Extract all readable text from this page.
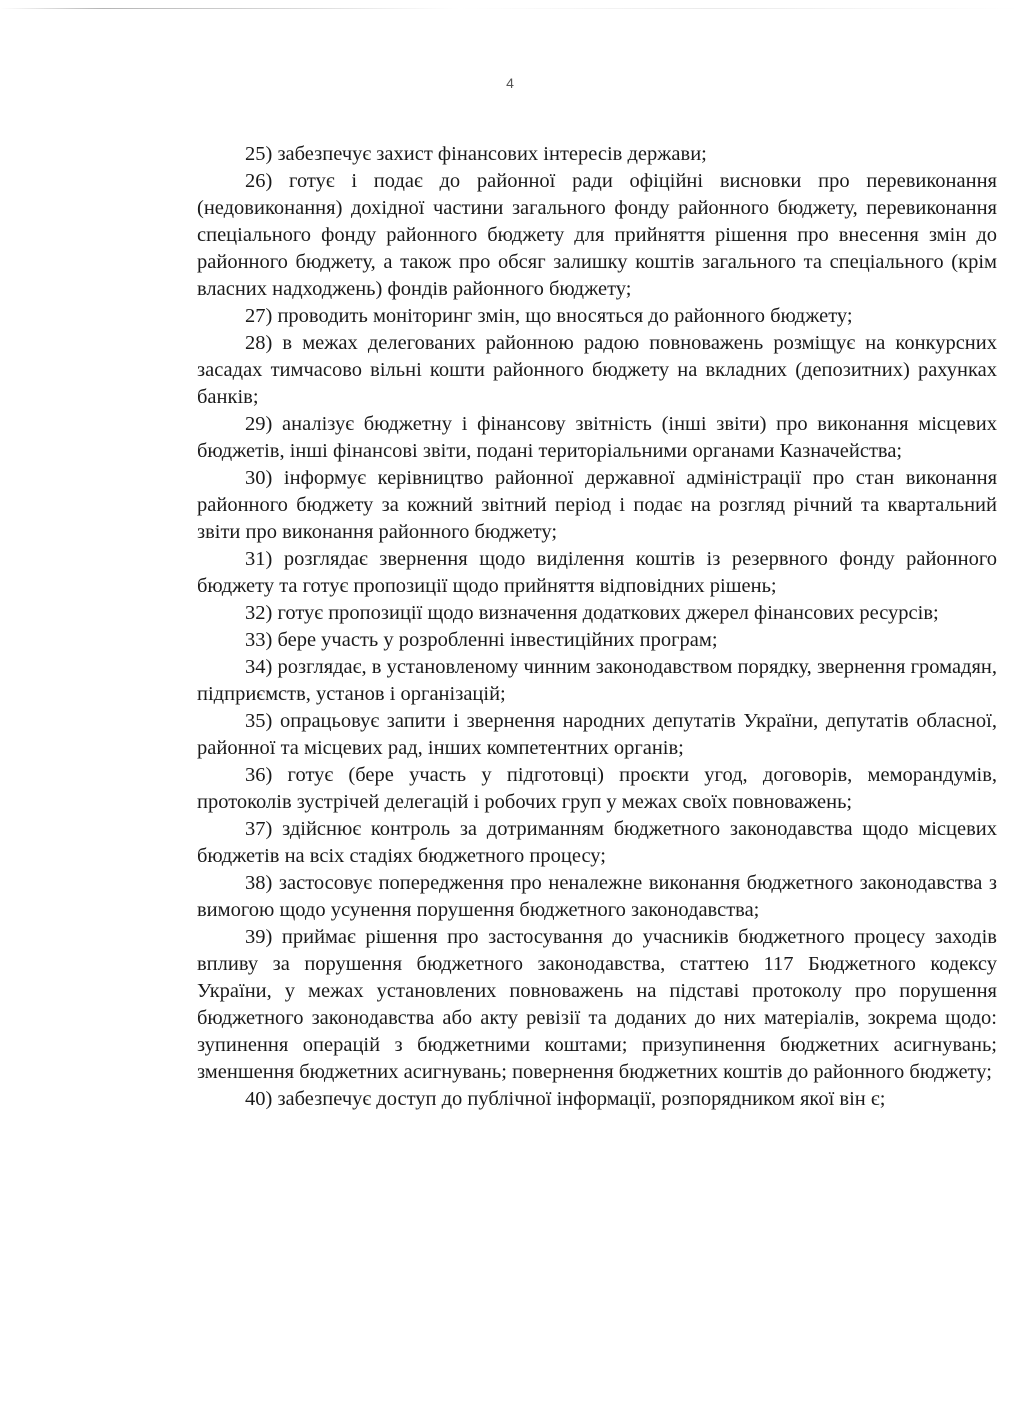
4

25) забезпечує захист фінансових інтересів держави;

26) готує і подає до районної ради офіційні висновки про перевиконання (недовиконання) дохідної частини загального фонду районного бюджету, перевиконання спеціального фонду районного бюджету для прийняття рішення про внесення змін до районного бюджету, а також про обсяг залишку коштів загального та спеціального (крім власних надходжень) фондів районного бюджету;

27) проводить моніторинг змін, що вносяться до районного бюджету;

28) в межах делегованих районною радою повноважень розміщує на конкурсних засадах тимчасово вільні кошти районного бюджету на вкладних (депозитних) рахунках банків;

29) аналізує бюджетну і фінансову звітність (інші звіти) про виконання місцевих бюджетів, інші фінансові звіти, подані територіальними органами Казначейства;

30) інформує керівництво районної державної адміністрації про стан виконання районного бюджету за кожний звітний період і подає на розгляд річний та квартальний звіти про виконання районного бюджету;

31) розглядає звернення щодо виділення коштів із резервного фонду районного бюджету та готує пропозиції щодо прийняття відповідних рішень;

32) готує пропозиції щодо визначення додаткових джерел фінансових ресурсів;

33) бере участь у розробленні інвестиційних програм;

34) розглядає, в установленому чинним законодавством порядку, звернення громадян, підприємств, установ і організацій;

35) опрацьовує запити і звернення народних депутатів України, депутатів обласної, районної та місцевих рад, інших компетентних органів;

36) готує (бере участь у підготовці) проєкти угод, договорів, меморандумів, протоколів зустрічей делегацій і робочих груп у межах своїх повноважень;

37) здійснює контроль за дотриманням бюджетного законодавства щодо місцевих бюджетів на всіх стадіях бюджетного процесу;

38) застосовує попередження про неналежне виконання бюджетного законодавства з вимогою щодо усунення порушення бюджетного законодавства;

39) приймає рішення про застосування до учасників бюджетного процесу заходів впливу за порушення бюджетного законодавства, статтею 117 Бюджетного кодексу України, у межах установлених повноважень на підставі протоколу про порушення бюджетного законодавства або акту ревізії та доданих до них матеріалів, зокрема щодо: зупинення операцій з бюджетними коштами; призупинення бюджетних асигнувань; зменшення бюджетних асигнувань; повернення бюджетних коштів до районного бюджету;

40) забезпечує доступ до публічної інформації, розпорядником якої він є;
